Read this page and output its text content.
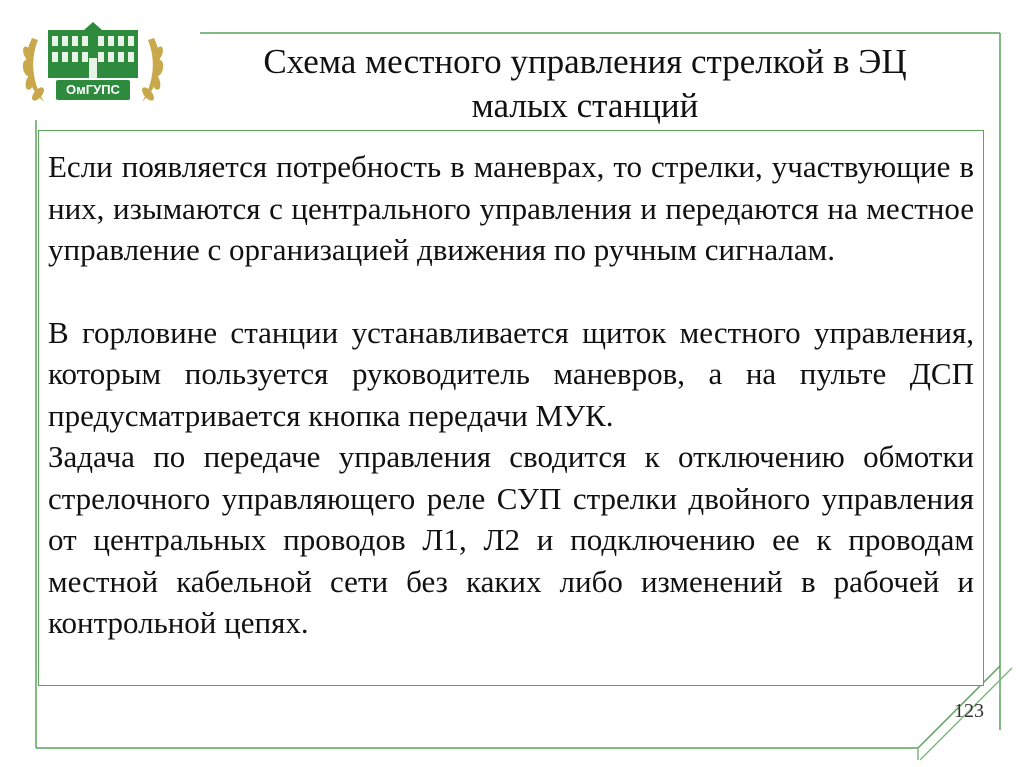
ОмГУПС
Схема местного управления стрелкой в ЭЦ
малых станций

Если появляется потребность в маневрах, то стрелки, участвующие в них, изымаются с центрального управления и передаются на местное управление с организацией движения по ручным сигналам.

В горловине станции устанавливается щиток местного управления, которым пользуется руководитель маневров, а на пульте ДСП предусматривается кнопка передачи МУК.

Задача по передаче управления сводится к отключению обмотки стрелочного управляющего реле СУП стрелки двойного управления от центральных проводов Л1, Л2 и подключению ее к проводам местной кабельной сети без каких либо изменений в рабочей и контрольной цепях.

123
